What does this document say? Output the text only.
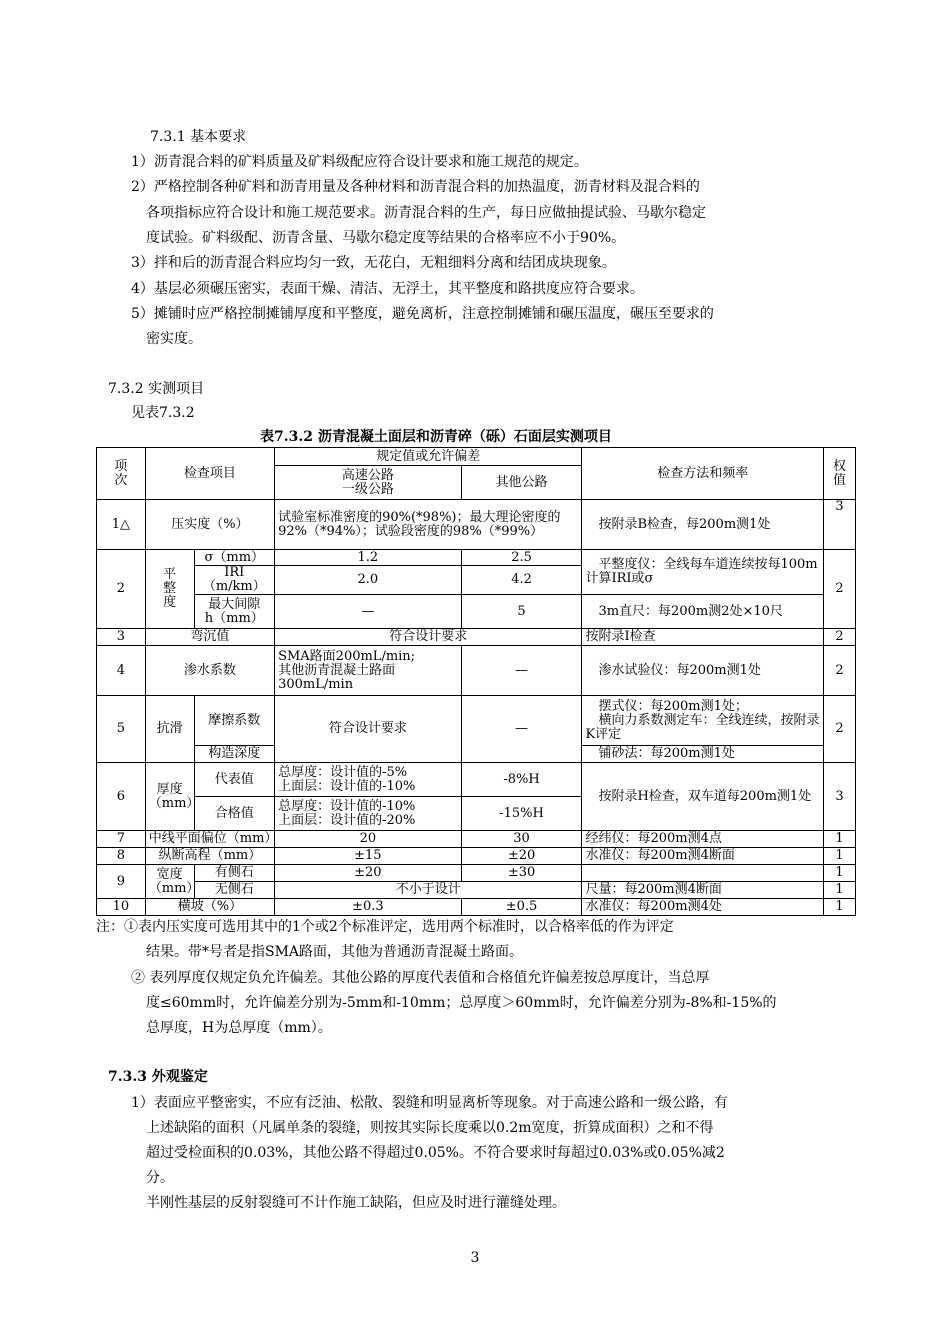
7.3.1 基本要求
1）沥青混合料的矿料质量及矿料级配应符合设计要求和施工规范的规定。
2）严格控制各种矿料和沥青用量及各种材料和沥青混合料的加热温度，沥青材料及混合料的
各项指标应符合设计和施工规范要求。沥青混合料的生产，每日应做抽提试验、马歇尔稳定
度试验。矿料级配、沥青含量、马歇尔稳定度等结果的合格率应不小于90%。
3）拌和后的沥青混合料应均匀一致，无花白，无粗细料分离和结团成块现象。
4）基层必须碾压密实，表面干燥、清洁、无浮土，其平整度和路拱度应符合要求。
5）摊铺时应严格控制摊铺厚度和平整度，避免离析，注意控制摊铺和碾压温度，碾压至要求的
密实度。
7.3.2 实测项目
见表7.3.2
表7.3.2 沥青混凝土面层和沥青碎（砾）石面层实测项目
项
次	检查项目		规定值或允许偏差		检查方法和频率	权
值
			高速公路
一级公路	其他公路		
1△	压实度（%）		试验室标准密度的90%(*98%)；最大理论密度的92%（*94%）；试验段密度的98%（*99%）		　按附录B检查，每200m测1处	3
2	平
整
度	σ（mm）	1.2	2.5	　平整度仪：全线每车道连续按每100m计算IRI或σ	2
		IRI（m/km）	2.0	4.2		
		最大间隙
h（mm）	—	5	　3m直尺：每200m测2处×10尺	
3	弯沉值		符合设计要求		按附录I检查	2
4	渗水系数		SMA路面200mL/min;
其他沥青混凝土路面300mL/min	—	　渗水试验仪：每200m测1处	2
5	抗滑	摩擦系数	符合设计要求	—	　摆式仪：每200m测1处；
　横向力系数测定车：全线连续，按附录K评定	2
		构造深度			　铺砂法：每200m测1处	
6	厚度
（mm）	代表值	总厚度：设计值的-5%
上面层：设计值的-10%	-8%H	　按附录H检查，双车道每200m测1处	3
		合格值	总厚度：设计值的-10%
上面层：设计值的-20%	-15%H		
7	中线平面偏位（mm）		20	30	经纬仪：每200m测4点	1
8	纵断高程（mm）		±15	±20	水准仪：每200m测4断面	1
9	宽度
（mm）	有侧石	±20	±30		1
		无侧石	不小于设计		尺量：每200m测4断面	1
10	横坡（%）		±0.3	±0.5	水准仪：每200m测4处	1
注：①表内压实度可选用其中的1个或2个标准评定，选用两个标准时，以合格率低的作为评定
结果。带*号者是指SMA路面，其他为普通沥青混凝土路面。
② 表列厚度仅规定负允许偏差。其他公路的厚度代表值和合格值允许偏差按总厚度计，当总厚
度≤60mm时，允许偏差分别为-5mm和-10mm；总厚度＞60mm时，允许偏差分别为-8%和-15%的
总厚度，H为总厚度（mm）。
7.3.3 外观鉴定
1）表面应平整密实，不应有泛油、松散、裂缝和明显离析等现象。对于高速公路和一级公路，有
上述缺陷的面积（凡属单条的裂缝，则按其实际长度乘以0.2m宽度，折算成面积）之和不得
超过受检面积的0.03%，其他公路不得超过0.05%。不符合要求时每超过0.03%或0.05%减2
分。
半刚性基层的反射裂缝可不计作施工缺陷，但应及时进行灌缝处理。
3
